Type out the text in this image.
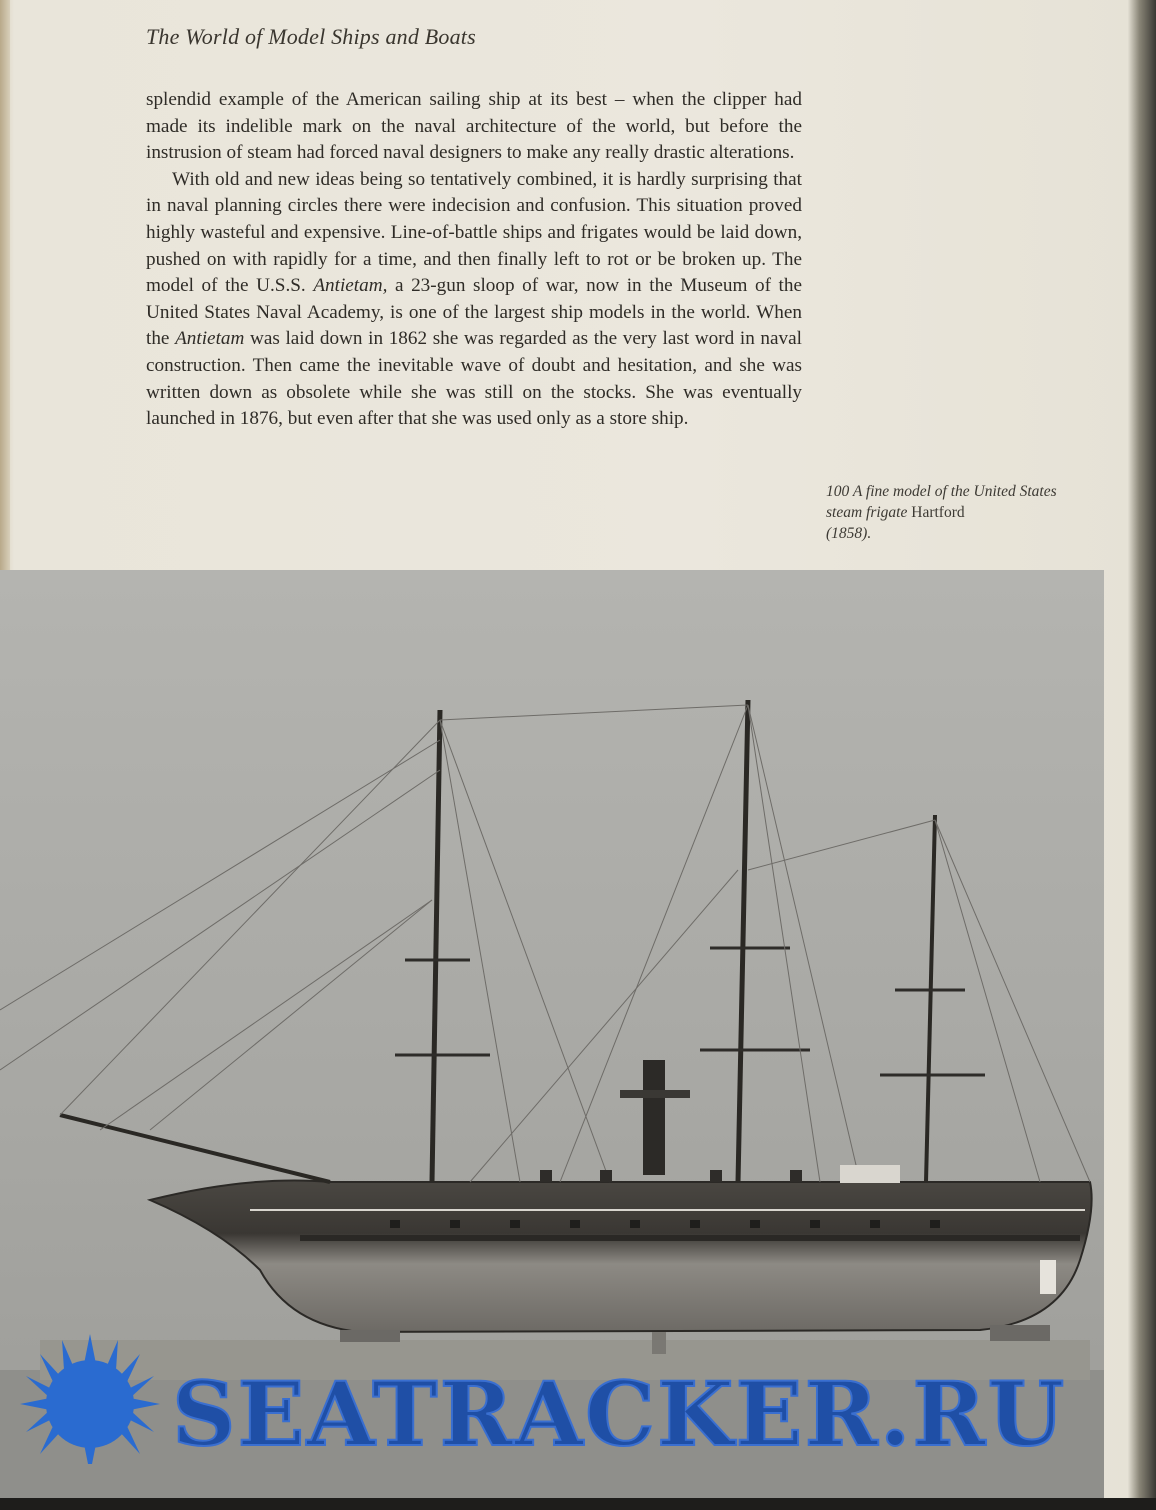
The World of Model Ships and Boats

splendid example of the American sailing ship at its best – when the clipper had made its indelible mark on the naval architecture of the world, but before the instrusion of steam had forced naval designers to make any really drastic alterations.

With old and new ideas being so tentatively combined, it is hardly surprising that in naval planning circles there were indecision and confusion. This situation proved highly wasteful and expensive. Line-of-battle ships and frigates would be laid down, pushed on with rapidly for a time, and then finally left to rot or be broken up. The model of the U.S.S. Antietam, a 23-gun sloop of war, now in the Museum of the United States Naval Academy, is one of the largest ship models in the world. When the Antietam was laid down in 1862 she was regarded as the very last word in naval construction. Then came the inevitable wave of doubt and hesitation, and she was written down as obsolete while she was still on the stocks. She was eventually launched in 1876, but even after that she was used only as a store ship.

100 A fine model of the United States steam frigate Hartford
(1858).
SEATRACKER.RU
